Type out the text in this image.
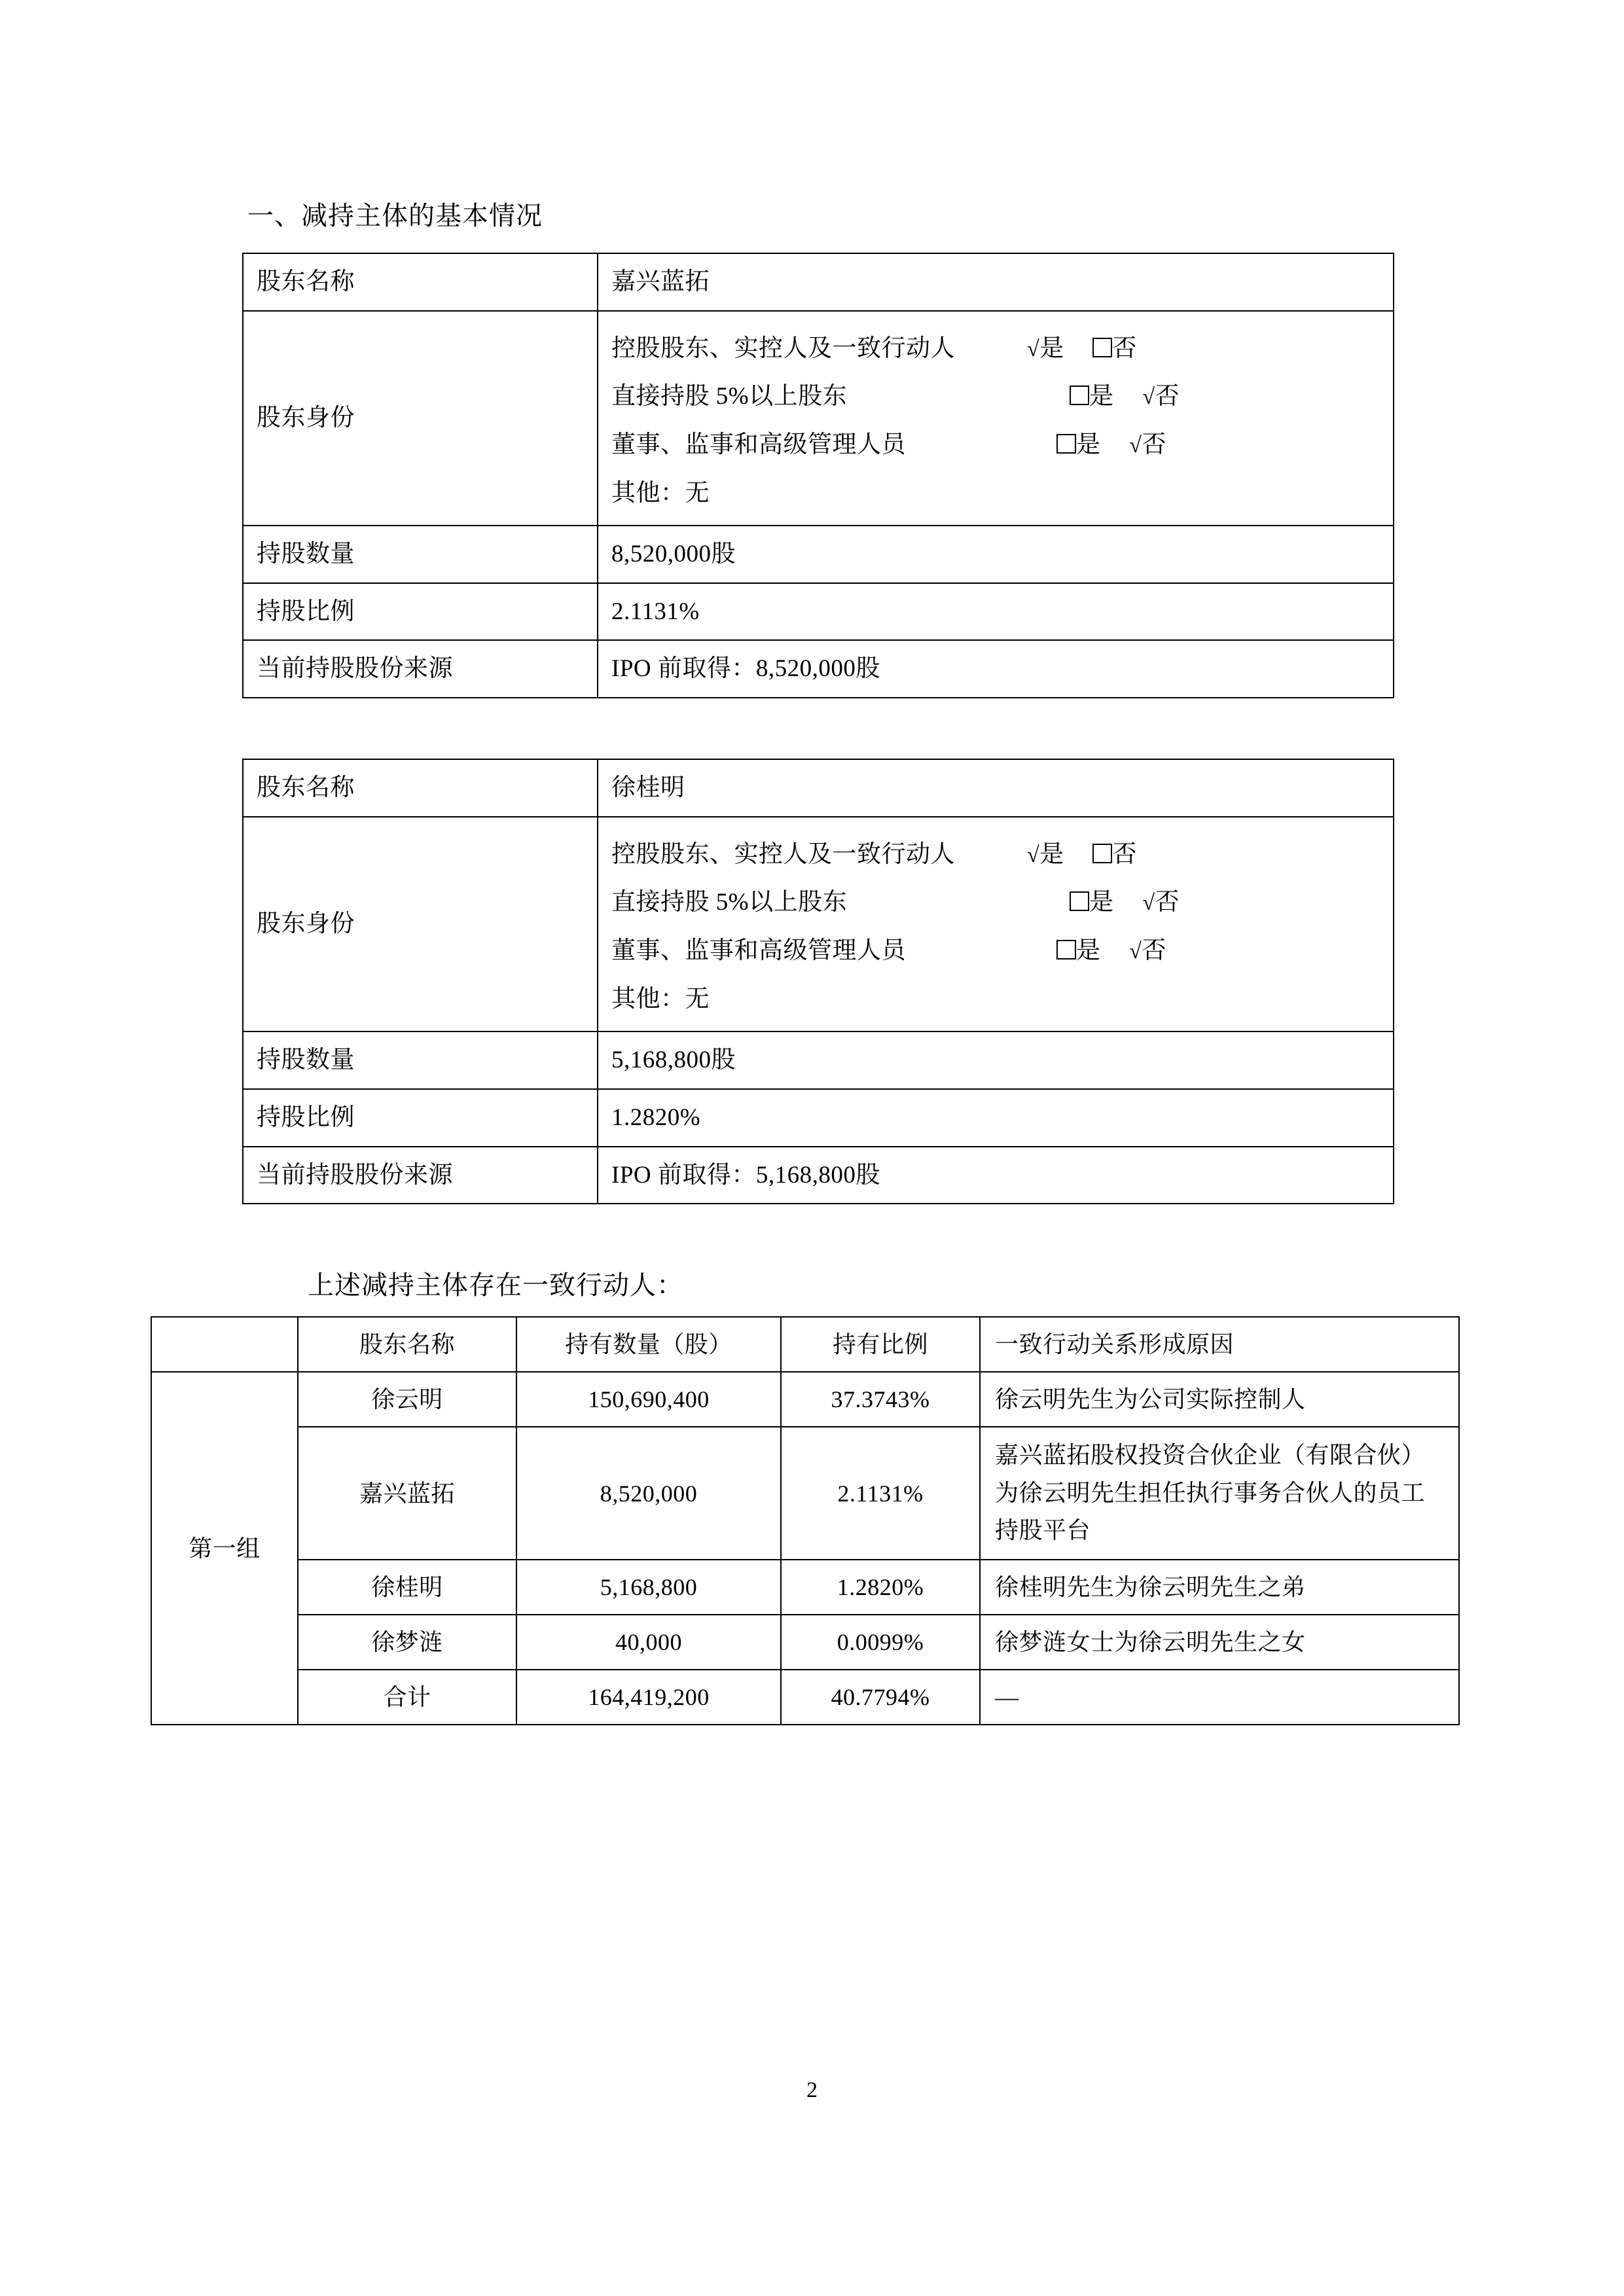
一、减持主体的基本情况
股东名称	嘉兴蓝拓
股东身份	
控股股东、实控人及一致行动人	√是 否
直接持股 5%以上股东	是 √否
董事、监事和高级管理人员	是 √否
其他：无

持股数量	8,520,000股
持股比例	2.1131%
当前持股股份来源	IPO 前取得：8,520,000股
股东名称	徐桂明
股东身份	
控股股东、实控人及一致行动人	√是 否
直接持股 5%以上股东	是 √否
董事、监事和高级管理人员	是 √否
其他：无

持股数量	5,168,800股
持股比例	1.2820%
当前持股股份来源	IPO 前取得：5,168,800股
上述减持主体存在一致行动人：
	股东名称	持有数量（股）	持有比例	一致行动关系形成原因
第一组	徐云明	150,690,400	37.3743%	徐云明先生为公司实际控制人
	嘉兴蓝拓	8,520,000	2.1131%	嘉兴蓝拓股权投资合伙企业（有限合伙）为徐云明先生担任执行事务合伙人的员工持股平台
	徐桂明	5,168,800	1.2820%	徐桂明先生为徐云明先生之弟
	徐梦涟	40,000	0.0099%	徐梦涟女士为徐云明先生之女
	合计	164,419,200	40.7794%	—
2
